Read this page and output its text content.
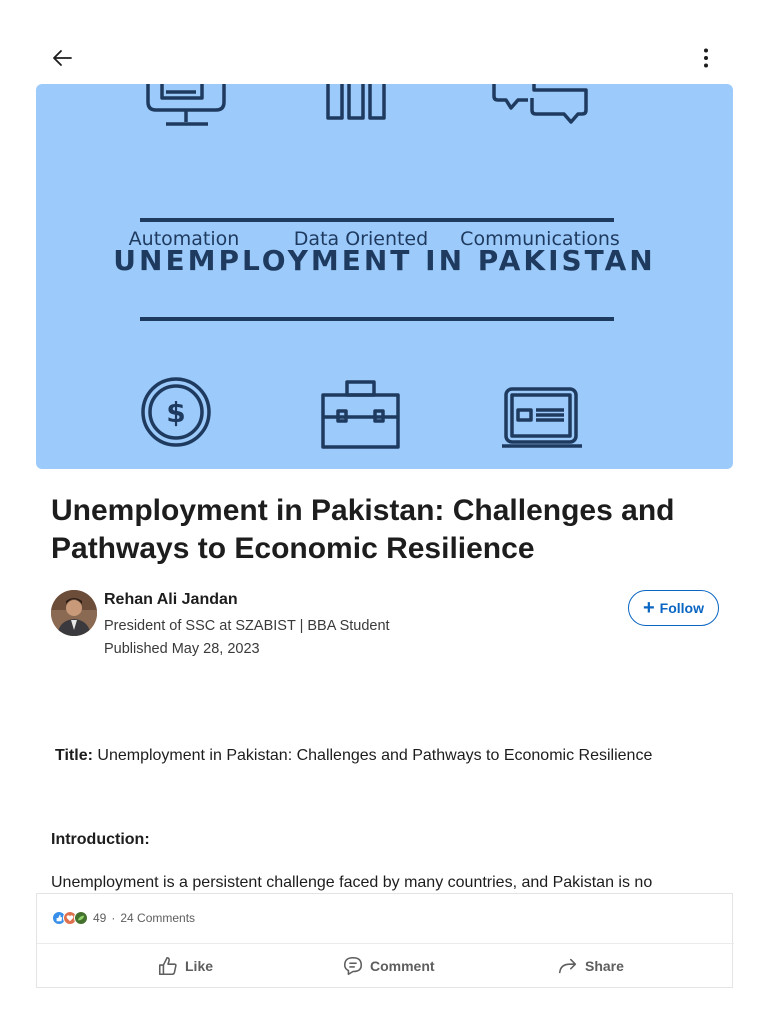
$
Automation	Data Oriented Communications
UNEMPLOYMENT IN PAKISTAN
Unemployment in Pakistan: Challenges and Pathways to Economic Resilience
Rehan Ali Jandan
President of SSC at SZABIST | BBA Student
Published May 28, 2023
+ Follow
Title: Unemployment in Pakistan: Challenges and Pathways to Economic Resilience
Introduction:
Unemployment is a persistent challenge faced by many countries, and Pakistan is no
49 · 24 Comments
Like	Comment	Share
